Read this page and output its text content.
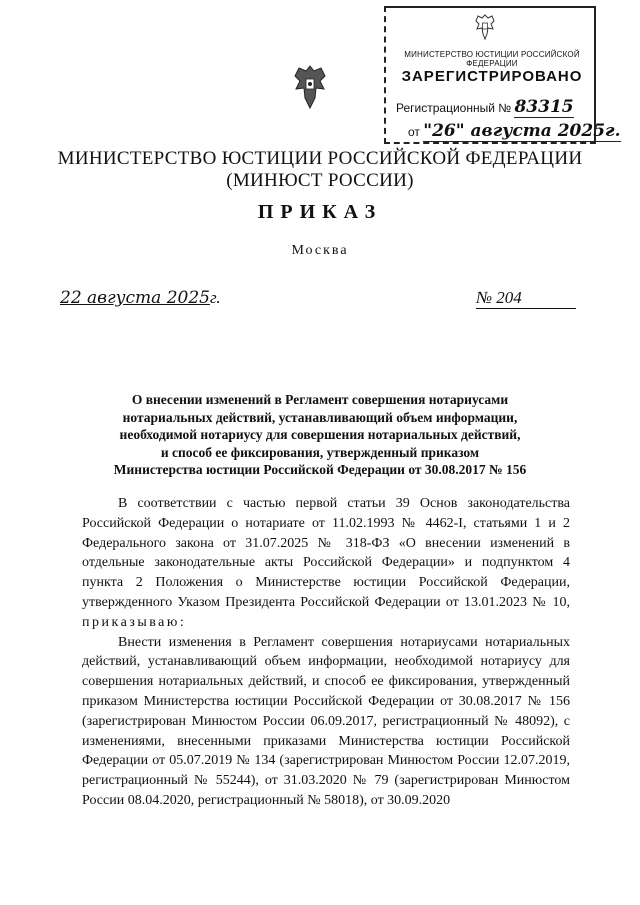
МИНИСТЕРСТВО ЮСТИЦИИ РОССИЙСКОЙ ФЕДЕРАЦИИ
ЗАРЕГИСТРИРОВАНО
Регистрационный № 83315
от "26" августа 2025г.
МИНИСТЕРСТВО ЮСТИЦИИ РОССИЙСКОЙ ФЕДЕРАЦИИ
(МИНЮСТ РОССИИ)
ПРИКАЗ
Москва
22 августа 2025г.	№ 204
О внесении изменений в Регламент совершения нотариусами
нотариальных действий, устанавливающий объем информации,
необходимой нотариусу для совершения нотариальных действий,
и способ ее фиксирования, утвержденный приказом
Министерства юстиции Российской Федерации от 30.08.2017 № 156

В соответствии с частью первой статьи 39 Основ законодательства Российской Федерации о нотариате от 11.02.1993 № 4462-I, статьями 1 и 2 Федерального закона от 31.07.2025 № 318-ФЗ «О внесении изменений в отдельные законодательные акты Российской Федерации» и подпунктом 4 пункта 2 Положения о Министерстве юстиции Российской Федерации, утвержденного Указом Президента Российской Федерации от 13.01.2023 № 10, приказываю:

Внести изменения в Регламент совершения нотариусами нотариальных действий, устанавливающий объем информации, необходимой нотариусу для совершения нотариальных действий, и способ ее фиксирования, утвержденный приказом Министерства юстиции Российской Федерации от 30.08.2017 № 156 (зарегистрирован Минюстом России 06.09.2017, регистрационный № 48092), с изменениями, внесенными приказами Министерства юстиции Российской Федерации от 05.07.2019 № 134 (зарегистрирован Минюстом России 12.07.2019, регистрационный № 55244), от 31.03.2020 № 79 (зарегистрирован Минюстом России 08.04.2020, регистрационный № 58018), от 30.09.2020
